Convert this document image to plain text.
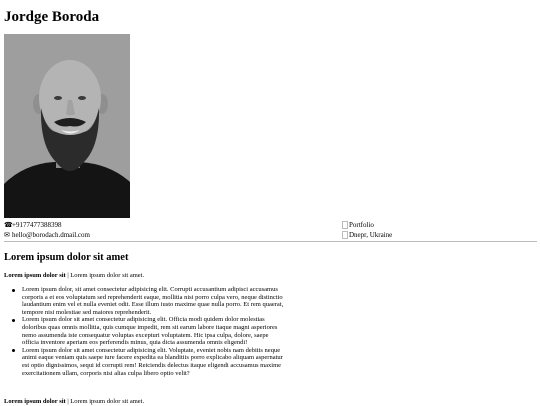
Jordge Boroda
☎ +9177477388398
✉ hello@borodach.dmail.com
Portfolio
Dnepr, Ukraine
Lorem ipsum dolor sit amet

Lorem ipsum dolor sit | Lorem ipsum dolor sit amet.

Lorem ipsum dolor, sit amet consectetur adipisicing elit. Corrupti accusantium adipisci accusamus corporis a et eos voluptatum sed reprehenderit eaque, mollitia nisi porro culpa vero, neque distinctio laudantium enim vel et nulla eveniet odit. Esse illum iusto maxime quae nulla porro. Et rem quaerat, tempore nisi molestiae sed maiores reprehenderit.
Lorem ipsum dolor sit amet consectetur adipisicing elit. Officia modi quidem dolor molestias doloribus quas omnis mollitia, quis cumque impedit, rem sit earum labore itaque magni asperiores nemo assumenda iste consequatur voluptas excepturi voluptatem. Hic ipsa culpa, dolore, saepe officia inventore aperiam eos perferendis minus, quia dicta assumenda omnis eligendi!
Lorem ipsum dolor sit amet consectetur adipisicing elit. Voluptate, eveniet nobis nam debitis neque animi eaque veniam quis saepe iure facere expedita ea blanditiis porro explicabo aliquam aspernatur est optio dignissimos, sequi id corrupti rem! Reiciendis delectus itaque eligendi accusamus maxime exercitationem ullam, corporis nisi alias culpa libero optio velit?

Lorem ipsum dolor sit | Lorem ipsum dolor sit amet.
